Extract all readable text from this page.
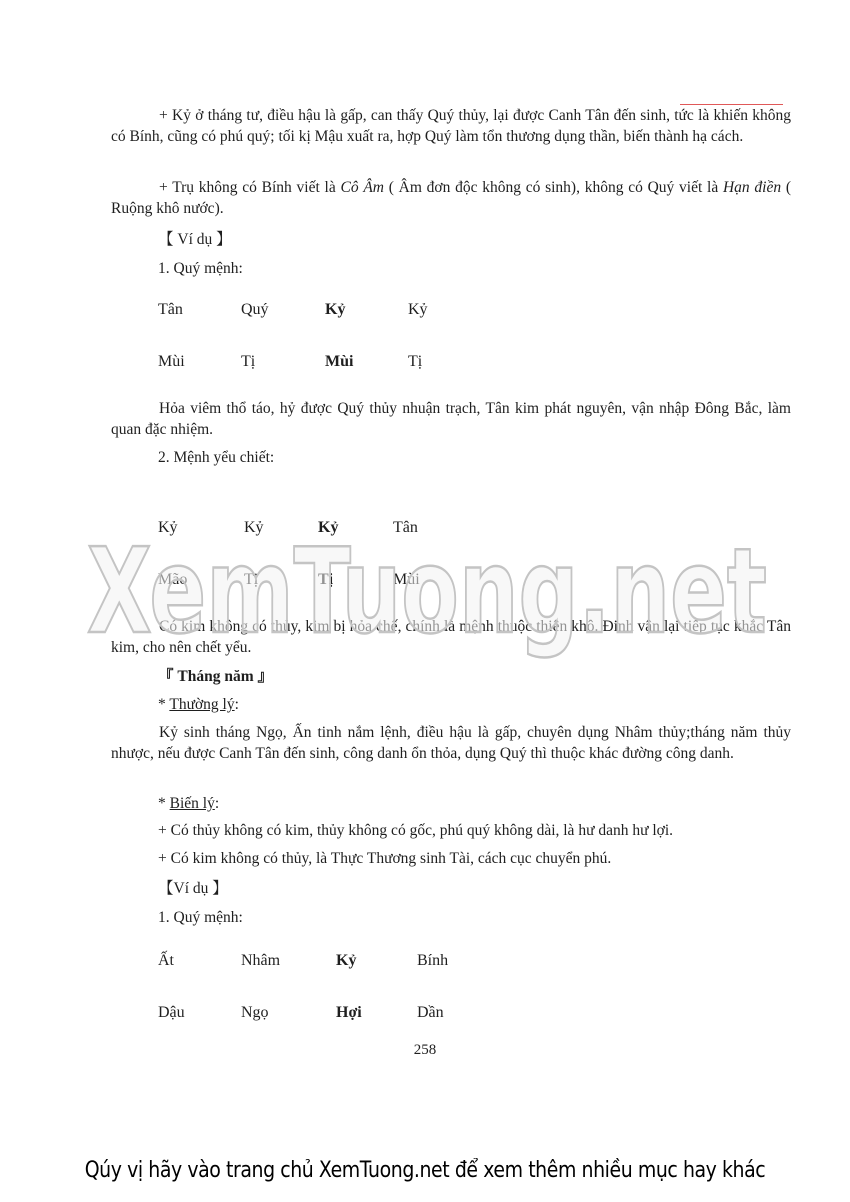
+ Kỷ ở tháng tư, điều hậu là gấp, can thấy Quý thủy, lại được Canh Tân đến sinh, tức là khiến không có Bính, cũng có phú quý; tối kị Mậu xuất ra, hợp Quý làm tổn thương dụng thần, biến thành hạ cách.

+ Trụ không có Bính viết là Cô Âm ( Âm đơn độc không có sinh), không có Quý viết là Hạn điền ( Ruộng khô nước).

【 Ví dụ 】

1. Quý mệnh:

Tân	Quý	Kỷ	Kỷ
Mùi	Tị	Mùi	Tị

Hỏa viêm thổ táo, hỷ được Quý thủy nhuận trạch, Tân kim phát nguyên, vận nhập Đông Bắc, làm quan đặc nhiệm.

2. Mệnh yểu chiết:

Kỷ	Kỷ	Kỷ	Tân
Mão	Tị	Tị	Mùi

Có kim không có thủy, kim bị hỏa chế, chính là mệnh thuộc thiên khô. Đinh vận lại tiếp tục khắc Tân kim, cho nên chết yểu.

『 Tháng năm 』

* Thường lý:

Kỷ sinh tháng Ngọ, Ấn tinh nắm lệnh, điều hậu là gấp, chuyên dụng Nhâm thủy;tháng năm thủy nhược, nếu được Canh Tân đến sinh, công danh ổn thỏa, dụng Quý thì thuộc khác đường công danh.

* Biến lý:

+ Có thủy không có kim, thủy không có gốc, phú quý không dài, là hư danh hư lợi.

+ Có kim không có thủy, là Thực Thương sinh Tài, cách cục chuyển phú.

【Ví dụ 】

1. Quý mệnh:

Ất	Nhâm	Kỷ	Bính
Dậu	Ngọ	Hợi	Dần
258
XemTuong.net
Qúy vị hãy vào trang chủ XemTuong.net để xem thêm nhiều mục hay khác
